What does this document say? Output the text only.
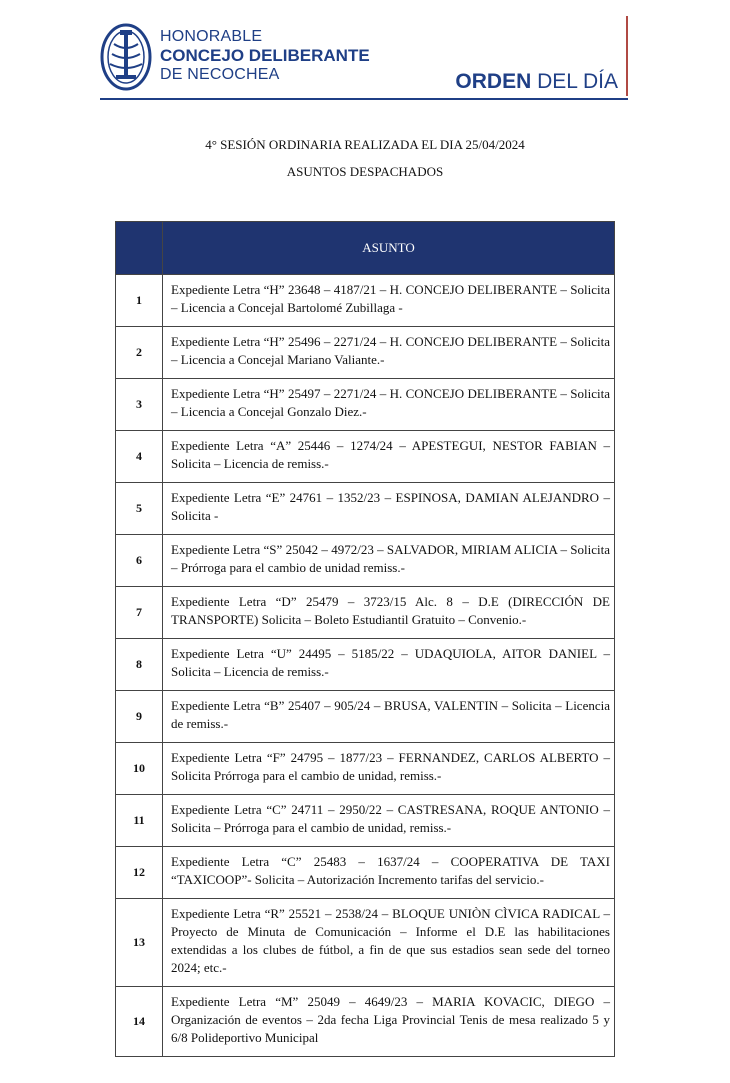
HONORABLE
CONCEJO DELIBERANTE
DE NECOCHEA	ORDEN DEL DÍA
4° SESIÓN ORDINARIA REALIZADA EL DIA 25/04/2024
ASUNTOS DESPACHADOS
	ASUNTO
1	Expediente Letra “H” 23648 – 4187/21 – H. CONCEJO DELIBERANTE – Solicita – Licencia a Concejal Bartolomé Zubillaga -
2	Expediente Letra “H” 25496 – 2271/24 – H. CONCEJO DELIBERANTE – Solicita – Licencia a Concejal Mariano Valiante.-
3	Expediente Letra “H” 25497 – 2271/24 – H. CONCEJO DELIBERANTE – Solicita – Licencia a Concejal Gonzalo Diez.-
4	Expediente Letra “A” 25446 – 1274/24 – APESTEGUI, NESTOR FABIAN – Solicita – Licencia de remiss.-
5	Expediente Letra “E” 24761 – 1352/23 – ESPINOSA, DAMIAN ALEJANDRO – Solicita -
6	Expediente Letra “S” 25042 – 4972/23 – SALVADOR, MIRIAM ALICIA – Solicita – Prórroga para el cambio de unidad remiss.-
7	Expediente Letra “D” 25479 – 3723/15 Alc. 8 – D.E (DIRECCIÓN DE TRANSPORTE) Solicita – Boleto Estudiantil Gratuito – Convenio.-
8	Expediente Letra “U” 24495 – 5185/22 – UDAQUIOLA, AITOR DANIEL – Solicita – Licencia de remiss.-
9	Expediente Letra “B” 25407 – 905/24 – BRUSA, VALENTIN – Solicita – Licencia de remiss.-
10	Expediente Letra “F” 24795 – 1877/23 – FERNANDEZ, CARLOS ALBERTO – Solicita Prórroga para el cambio de unidad, remiss.-
11	Expediente Letra “C” 24711 – 2950/22 – CASTRESANA, ROQUE ANTONIO – Solicita – Prórroga para el cambio de unidad, remiss.-
12	Expediente Letra “C” 25483 – 1637/24 – COOPERATIVA DE TAXI “TAXICOOP”- Solicita – Autorización Incremento tarifas del servicio.-
13	Expediente Letra “R” 25521 – 2538/24 – BLOQUE UNIÒN CÌVICA RADICAL – Proyecto de Minuta de Comunicación – Informe el D.E las habilitaciones extendidas a los clubes de fútbol, a fin de que sus estadios sean sede del torneo 2024; etc.-
14	Expediente Letra “M” 25049 – 4649/23 – MARIA KOVACIC, DIEGO – Organización de eventos – 2da fecha Liga Provincial Tenis de mesa realizado 5 y 6/8 Polideportivo Municipal
